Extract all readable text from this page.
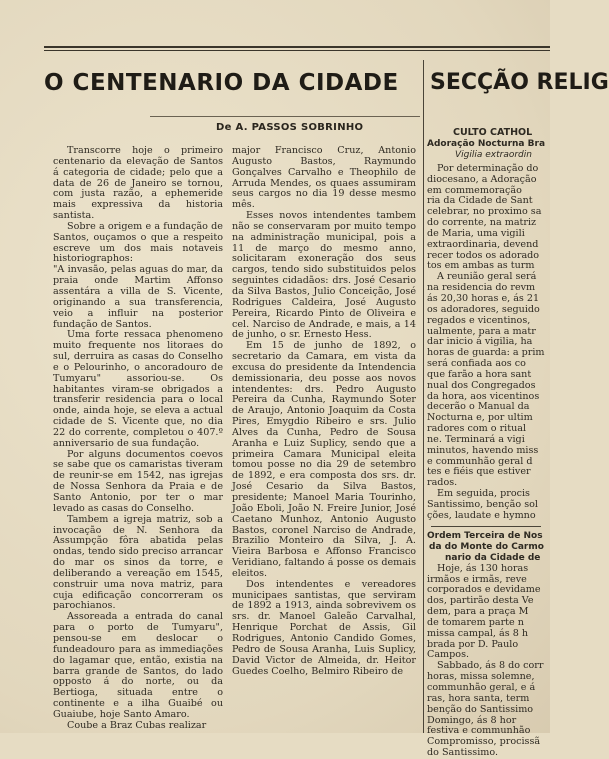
O CENTENARIO DA CIDADE SECÇÃO RELIG
De A. PASSOS SOBRINHO

Transcorre hoje o primeiro centenario da elevação de Santos á categoria de cidade; pelo que a data de 26 de Janeiro se tornou, com justa razão, a ephemeride mais expressiva da historia santista.

Sobre a origem e a fundação de Santos, ouçamos o que a respeito escreve um dos mais notaveis historiographos:

"A invasão, pelas aguas do mar, da praia onde Martim Affonso assentára a villa de S. Vicente, originando a sua transferencia, veio a influir na posterior fundação de Santos.

Uma forte ressaca phenomeno muito frequente nos litoraes do sul, derruira as casas do Conselho e o Pelourinho, o ancoradouro de Tumyaru" assoriou-se. Os habitantes viram-se obrigados a transferir residencia para o local onde, ainda hoje, se eleva a actual cidade de S. Vicente que, no dia 22 do corrente, completou o 407.º anniversario de sua fundação.

Por alguns documentos coevos se sabe que os camaristas tiveram de reunir-se em 1542, nas igrejas de Nossa Senhora da Praia e de Santo Antonio, por ter o mar levado as casas do Conselho.

Tambem a igreja matriz, sob a invocação de N. Senhora da Assumpção fôra abatida pelas ondas, tendo sido preciso arrancar do mar os sinos da torre, e deliberando a vereação em 1545, construir uma nova matriz, para cuja edificação concorreram os parochianos.

Assoreada a entrada do canal para o porto de Tumyaru", pensou-se em deslocar o fundeadouro para as immediações do lagamar que, então, existia na barra grande de Santos, do lado opposto á do norte, ou da Bertioga, situada entre o continente e a ilha Guaibé ou Guaiube, hoje Santo Amaro.

Coube a Braz Cubas realizar

major Francisco Cruz, Antonio Augusto Bastos, Raymundo Gonçalves Carvalho e Theophilo de Arruda Mendes, os quaes assumiram seus cargos no dia 19 desse mesmo mês.

Esses novos intendentes tambem não se conservaram por muito tempo na administração municipal, pois a 11 de março do mesmo anno, solicitaram exoneração dos seus cargos, tendo sido substituidos pelos seguintes cidadãos: drs. José Cesario da Silva Bastos, Julio Conceição, José Rodrigues Caldeira, José Augusto Pereira, Ricardo Pinto de Oliveira e cel. Narciso de Andrade, e mais, a 14 de junho, o sr. Ernesto Hess.

Em 15 de junho de 1892, o secretario da Camara, em vista da excusa do presidente da Intendencia demissionaria, deu posse aos novos intendentes: drs. Pedro Augusto Pereira da Cunha, Raymundo Soter de Araujo, Antonio Joaquim da Costa Pires, Emygdio Ribeiro e srs. Julio Alves da Cunha, Pedro de Sousa Aranha e Luiz Suplicy, sendo que a primeira Camara Municipal eleita tomou posse no dia 29 de setembro de 1892, e era composta dos srs. dr. José Cesario da Silva Bastos, presidente; Manoel Maria Tourinho, João Eboli, João N. Freire Junior, José Caetano Munhoz, Antonio Augusto Bastos, coronel Narciso de Andrade, Brazilio Monteiro da Silva, J. A. Vieira Barbosa e Affonso Francisco Veridiano, faltando á posse os demais eleitos.

Dos intendentes e vereadores municipaes santistas, que serviram de 1892 a 1913, ainda sobrevivem os srs. dr. Manoel Galeão Carvalhal, Henrique Porchat de Assis, Gil Rodrigues, Antonio Candido Gomes, Pedro de Sousa Aranha, Luis Suplicy, David Victor de Almeida, dr. Heitor Guedes Coelho, Belmiro Ribeiro de

CULTO CATHOL
Adoração Nocturna Bra
Vigilia extraordin

Por determinação do

diocesano, a Adoração

em commemoração

ria da Cidade de Sant

celebrar, no proximo sa

do corrente, na matriz

de Maria, uma vigili

extraordinaria, devend

recer todos os adorado

tos em ambas as turm

A reunião geral será

na residencia do revm

ás 20,30 horas e, ás 21

os adoradores, seguido

regados e vicentinos,

ualmente, para a matr

dar inicio á vigilia, ha

horas de guarda: a prim

será confiada aos co

que farão a hora sant

nual dos Congregados

da hora, aos vicentinos

decerão o Manual da

Nocturna e, por ultim

radores com o ritual

ne. Terminará a vigi

minutos, havendo miss

e communhão geral d

tes e fiéis que estiver

rados.

Em seguida, procis

Santissimo, benção sol

ções, laudate e hymno

Ordem Terceira de Nos
da do Monte do Carmo
nario da Cidade de

Hoje, ás 130 horas

irmãos e irmãs, reve

corporados e devidame

dos, partirão desta Ve

dem, para a praça M

de tomarem parte n

missa campal, ás 8 h

brada por D. Paulo

Campos.

Sabbado, ás 8 do corr

horas, missa solemne,

communhão geral, e á

ras, hora santa, term

benção do Santissimo

Domingo, ás 8 hor

festiva e communhão

Compromisso, procissã

do Santissimo.
